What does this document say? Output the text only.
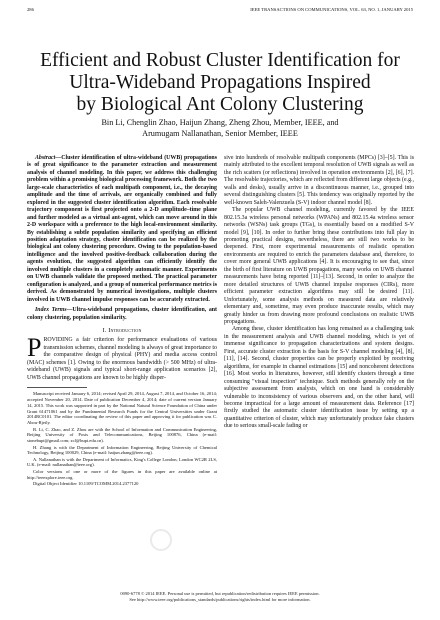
286	IEEE TRANSACTIONS ON COMMUNICATIONS, VOL. 63, NO. 1, JANUARY 2015
Efficient and Robust Cluster Identification for
Ultra-Wideband Propagations Inspired
by Biological Ant Colony Clustering
Bin Li, Chenglin Zhao, Haijun Zhang, Zheng Zhou, Member, IEEE, and
Arumugam Nallanathan, Senior Member, IEEE

Abstract—Cluster identification of ultra-wideband (UWB) propagations is of great significance to the parameter extraction and measurement analysis of channel modeling. In this paper, we address this challenging problem within a promising biological processing framework. Both the two large-scale characteristics of each multipath component, i.e., the decaying amplitude and the time of arrivals, are organically combined and fully explored in the suggested cluster identification algorithm. Each resolvable trajectory component is first projected onto a 2-D amplitude–time plane and further modeled as a virtual ant-agent, which can move around in this 2-D workspace with a preference to the high local-environment similarity. By establishing a subtle population similarity and specifying an efficient position adaptation strategy, cluster identification can be realized by the biological ant colony clustering procedure. Owing to the population-based intelligence and the involved positive-feedback collaboration during the agents evolution, the suggested algorithm can efficiently identify the involved multiple clusters in a completely automatic manner. Experiments on UWB channels validate the proposed method. The practical parameter configuration is analyzed, and a group of numerical performance metrics is derived. As demonstrated by numerical investigations, multiple clusters involved in UWB channel impulse responses can be accurately extracted.

Index Terms—Ultra-wideband propagations, cluster identification, ant colony clustering, population similarity.

I. Introduction

PROVIDING a fair criterion for performance evaluations of various transmission schemes, channel modeling is always of great importance to the comparative design of physical (PHY) and media access control (MAC) schemes [1]. Owing to the enormous bandwidth (> 500 MHz) of ultra-wideband (UWB) signals and typical short-range application scenarios [2], UWB channel propagations are known to be highly disper-

Manuscript received January 6, 2014; revised April 29, 2014, August 7, 2014, and October 16, 2014; accepted November 20, 2014. Date of publication December 4, 2014; date of current version January 14, 2015. This work was supported in part by the National Natural Science Foundation of China under Grant 61471061 and by the Fundamental Research Funds for the Central Universities under Grant 2014RC0101. The editor coordinating the review of this paper and approving it for publication was C. Abou-Rjeily.

B. Li, C. Zhao, and Z. Zhou are with the School of Information and Communication Engineering, Beijing University of Posts and Telecommunications, Beijing 100876, China (e-mail: stonebupt@gmail.com; zcl@bupt.edu.cn).

H. Zhang is with the Department of Information Engineering, Beijing University of Chemical Technology, Beijing 100029, China (e-mail: haijun.zhang@ieee.org).

A. Nallanathan is with the Department of Informatics, King's College London, London WC2R 2LS, U.K. (e-mail: nallanathan@ieee.org).

Color versions of one or more of the figures in this paper are available online at http://ieeexplore.ieee.org.

Digital Object Identifier 10.1109/TCOMM.2014.2377120

sive into hundreds of resolvable multipath components (MPCs) [3]–[5]. This is mainly attributed to the excellent temporal resolution of UWB signals as well as the rich scatters (or reflections) involved in operation environments [2], [6], [7]. The resolvable trajectories, which are reflected from different large objects (e.g., walls and desks), usually arrive in a discontinuous manner, i.e., grouped into several distinguishing clusters [5]. This tendency was originally reported by the well-known Saleh-Valenzuela (S-V) indoor channel model [8].

The popular UWB channel modeling, currently favored by the IEEE 802.15.3a wireless personal networks (WPANs) and 802.15.4a wireless sensor networks (WSNs) task groups (TGs), is essentially based on a modified S-V model [9], [10]. In order to further bring these contributions into full play in promoting practical designs, nevertheless, there are still two works to be deepened. First, more experimental measurements of realistic operation environments are required to enrich the parameters database and, therefore, to cover more general UWB applications [4]. It is encouraging to see that, since the birth of first literature on UWB propagations, many works on UWB channel measurements have being reported [11]–[13]. Second, in order to analyze the more detailed structures of UWB channel impulse responses (CIRs), more efficient parameter extraction algorithms may still be desired [11]. Unfortunately, some analysis methods on measured data are relatively elementary and, sometime, may even produce inaccurate results, which may greatly hinder us from drawing more profound conclusions on realistic UWB propagations.

Among these, cluster identification has long remained as a challenging task in the measurement analysis and UWB channel modeling, which is yet of immense significance to propagation characterizations and system designs. First, accurate cluster extraction is the basis for S-V channel modeling [4], [8], [11], [14]. Second, cluster properties can be properly exploited by receiving algorithms, for example in channel estimations [15] and noncoherent detections [16]. Most works in literatures, however, still identify clusters through a time consuming "visual inspection" technique. Such methods generally rely on the subjective assessment from analysts, which on one hand is considerably vulnerable to inconsistency of various observers and, on the other hand, will become impractical for a large amount of measurement data. Reference [17] firstly studied the automatic cluster identification issue by setting up a quantitative criterion of cluster, which may unfortunately produce fake clusters due to serious small-scale fading or

0090-6778 © 2014 IEEE. Personal use is permitted, but republication/redistribution requires IEEE permission.
See http://www.ieee.org/publications_standards/publications/rights/index.html for more information.
